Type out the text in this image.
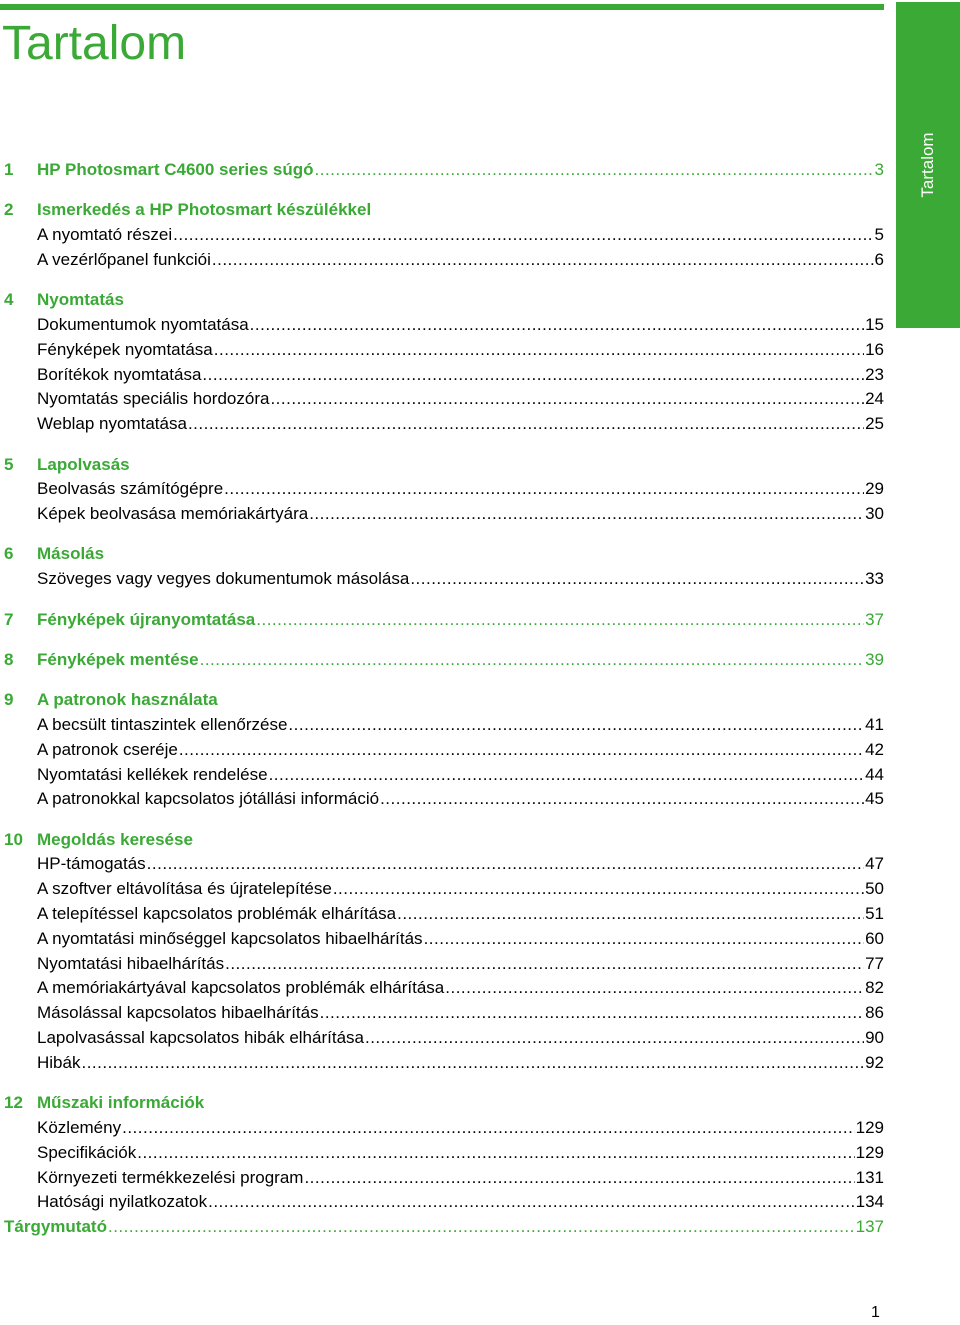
Tartalom
Tartalom
1 HP Photosmart C4600 series súgó .....	3
2 Ismerkedés a HP Photosmart készülékkel
A nyomtató részei .....	5
A vezérlőpanel funkciói .....	6
4 Nyomtatás
Dokumentumok nyomtatása .....	15
Fényképek nyomtatása .....	16
Borítékok nyomtatása .....	23
Nyomtatás speciális hordozóra .....	24
Weblap nyomtatása .....	25
5 Lapolvasás
Beolvasás számítógépre .....	29
Képek beolvasása memóriakártyára .....	30
6 Másolás
Szöveges vagy vegyes dokumentumok másolása .....	33
7 Fényképek újranyomtatása .....	37
8 Fényképek mentése .....	39
9 A patronok használata
A becsült tintaszintek ellenőrzése .....	41
A patronok cseréje .....	42
Nyomtatási kellékek rendelése .....	44
A patronokkal kapcsolatos jótállási információ .....	45
10 Megoldás keresése
HP-támogatás .....	47
A szoftver eltávolítása és újratelepítése .....	50
A telepítéssel kapcsolatos problémák elhárítása .....	51
A nyomtatási minőséggel kapcsolatos hibaelhárítás .....	60
Nyomtatási hibaelhárítás .....	77
A memóriakártyával kapcsolatos problémák elhárítása .....	82
Másolással kapcsolatos hibaelhárítás .....	86
Lapolvasással kapcsolatos hibák elhárítása .....	90
Hibák .....	92
12 Műszaki információk
Közlemény .....	129
Specifikációk .....	129
Környezeti termékkezelési program .....	131
Hatósági nyilatkozatok .....	134
Tárgymutató .....	137
1
